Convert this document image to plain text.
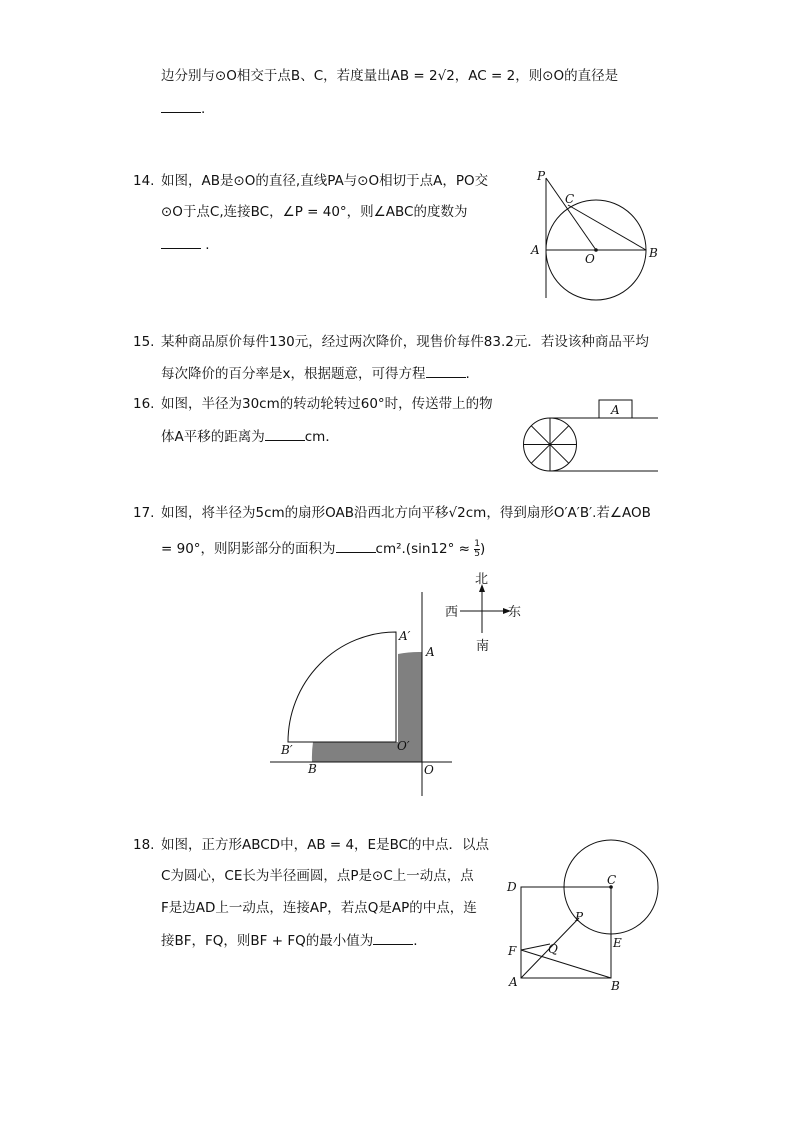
边分别与⊙O相交于点B、C，若度量出AB = 2√2，AC = 2，则⊙O的直径是
.
14. 如图，AB是⊙O的直径,直线PA与⊙O相切于点A，PO交
⊙O于点C,连接BC，∠P = 40°，则∠ABC的度数为
.
P
C
A
O	B
15. 某种商品原价每件130元，经过两次降价，现售价每件83.2元．若设该种商品平均
每次降价的百分率是x，根据题意，可得方程	.
16. 如图，半径为30cm的转动轮转过60°时，传送带上的物
体A平移的距离为	cm．
A
17. 如图，将半径为5cm的扇形OAB沿西北方向平移√2cm，得到扇形O′A′B′.若∠AOB
= 90°，则阴影部分的面积为	$cm^2.(\sin 12^\circ \approx \frac{1}{5}$ )
北
南
西	东
A′
A
B′	O′
B	O
18. 如图，正方形ABCD中，AB = 4，E是BC的中点．以点
C为圆心，CE长为半径画圆，点P是⊙C上一动点，点
F是边AD上一动点，连接AP，若点Q是AP的中点，连
接BF，FQ，则BF + FQ的最小值为	.
D	C
P
F	Q	E
A	B
